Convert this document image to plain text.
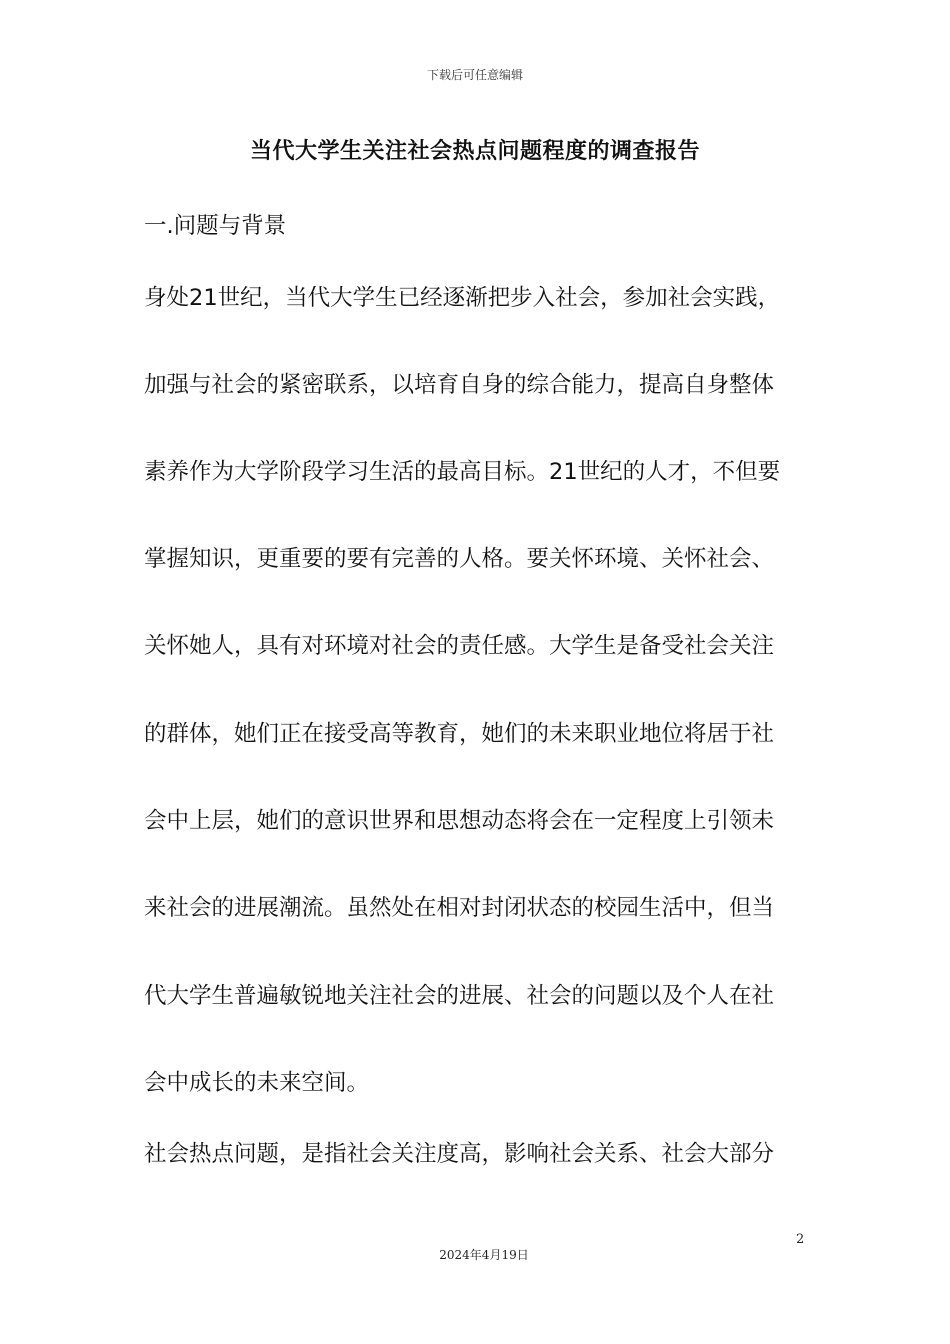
下载后可任意编辑
当代大学生关注社会热点问题程度的调查报告
一.问题与背景
身处21世纪，当代大学生已经逐渐把步入社会，参加社会实践，
加强与社会的紧密联系，以培育自身的综合能力，提高自身整体
素养作为大学阶段学习生活的最高目标。21世纪的人才，不但要
掌握知识，更重要的要有完善的人格。要关怀环境、关怀社会、
关怀她人，具有对环境对社会的责任感。大学生是备受社会关注
的群体，她们正在接受高等教育，她们的未来职业地位将居于社
会中上层，她们的意识世界和思想动态将会在一定程度上引领未
来社会的进展潮流。虽然处在相对封闭状态的校园生活中，但当
代大学生普遍敏锐地关注社会的进展、社会的问题以及个人在社
会中成长的未来空间。
社会热点问题，是指社会关注度高，影响社会关系、社会大部分
2
2024年4月19日
